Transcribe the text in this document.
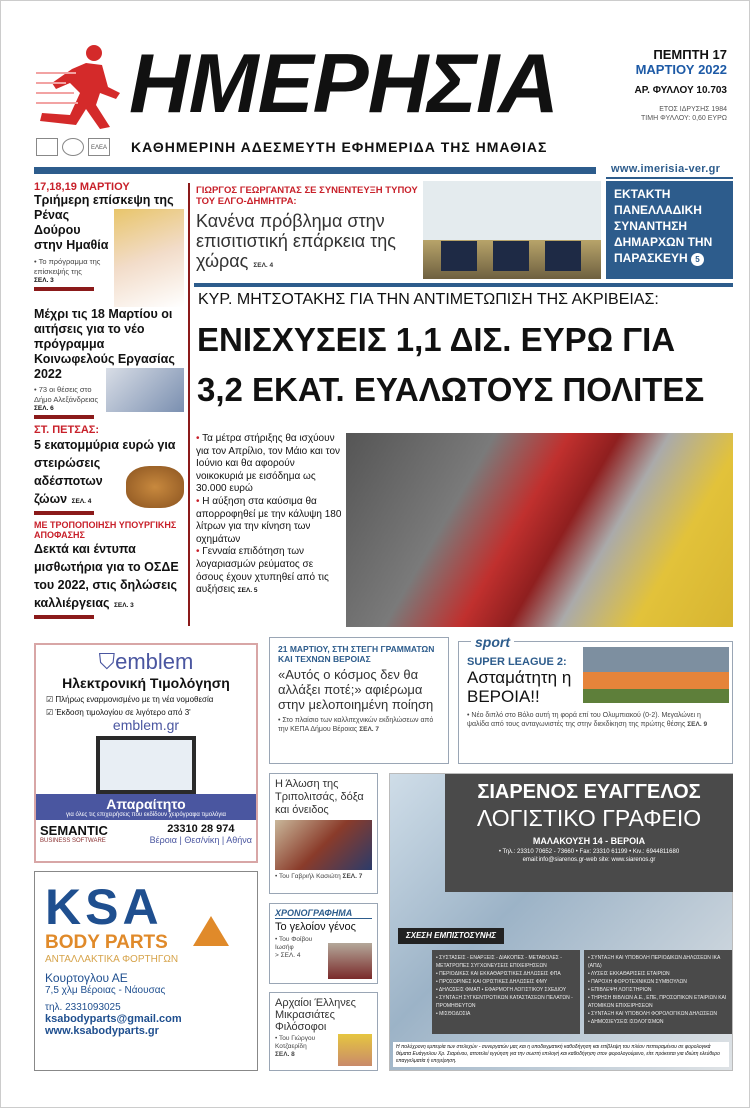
ΗΜΕΡΗΣΙΑ	ΠΕΜΠΤΗ 17
ΜΑΡΤΙΟΥ 2022
ΑΡ. ΦΥΛΛΟΥ 10.703
ΕΤΟΣ ΙΔΡΥΣΗΣ 1984
ΤΙΜΗ ΦΥΛΛΟΥ: 0,60 ΕΥΡΩ
ΕΛΕΑ ΚΑΘΗΜΕΡΙΝΗ ΑΔΕΣΜΕΥΤΗ ΕΦΗΜΕΡΙΔΑ ΤΗΣ ΗΜΑΘΙΑΣ
www.imerisia-ver.gr
17,18,19 ΜΑΡΤΙΟΥ
Τριήμερη επίσκεψη της Ρένας Δούρου στην Ημαθία
• Το πρόγραμμα της επίσκεψής της
ΣΕΛ. 3
Μέχρι τις 18 Μαρτίου οι αιτήσεις για το νέο πρόγραμμα Κοινωφελούς Εργασίας 2022
• 73 οι θέσεις στο Δήμο Αλεξάνδρειας
ΣΕΛ. 6
ΣΤ. ΠΕΤΣΑΣ:
5 εκατομμύρια ευρώ για στειρώσεις αδέσποτων ζώων ΣΕΛ. 4
ΜΕ ΤΡΟΠΟΠΟΙΗΣΗ ΥΠΟΥΡΓΙΚΗΣ ΑΠΟΦΑΣΗΣ
Δεκτά και έντυπα μισθωτήρια για το ΟΣΔΕ του 2022, στις δηλώσεις καλλιέργειας ΣΕΛ. 3
ΓΙΩΡΓΟΣ ΓΕΩΡΓΑΝΤΑΣ ΣΕ ΣΥΝΕΝΤΕΥΞΗ ΤΥΠΟΥ ΤΟΥ ΕΛΓΟ-ΔΗΜΗΤΡΑ:
Κανένα πρόβλημα στην επισιτιστική επάρκεια της χώρας ΣΕΛ. 4
ΕΚΤΑΚΤΗ ΠΑΝΕΛΛΑΔΙΚΗ ΣΥΝΑΝΤΗΣΗ ΔΗΜΑΡΧΩΝ ΤΗΝ ΠΑΡΑΣΚΕΥΗ 5
ΚΥΡ. ΜΗΤΣΟΤΑΚΗΣ ΓΙΑ ΤΗΝ ΑΝΤΙΜΕΤΩΠΙΣΗ ΤΗΣ ΑΚΡΙΒΕΙΑΣ:
ΕΝΙΣΧΥΣΕΙΣ 1,1 ΔΙΣ. ΕΥΡΩ ΓΙΑ
3,2 ΕΚΑΤ. ΕΥΑΛΩΤΟΥΣ ΠΟΛΙΤΕΣ
• Τα μέτρα στήριξης θα ισχύουν για τον Απρίλιο, τον Μάιο και τον Ιούνιο και θα αφορούν νοικοκυριά με εισόδημα ως 30.000 ευρώ
• Η αύξηση στα καύσιμα θα απορροφηθεί με την κάλυψη 180 λίτρων για την κίνηση των οχημάτων
• Γενναία επιδότηση των λογαριασμών ρεύματος σε όσους έχουν χτυπηθεί από τις αυξήσεις ΣΕΛ. 5
⛉emblem
Ηλεκτρονική Τιμολόγηση
☑ Πλήρως εναρμονισμένο με τη νέα νομοθεσία
☑ Έκδοση τιμολογίου σε λιγότερο από 3'
emblem.gr
Απαραίτητο
για όλες τις επιχειρήσεις που εκδίδουν χειρόγραφα τιμολόγια
SEMANTIC
BUSINESS SOFTWARE
23310 28 974
Βέροια | Θεσ/νίκη | Αθήνα
21 ΜΑΡΤΙΟΥ, ΣΤΗ ΣΤΕΓΗ ΓΡΑΜΜΑΤΩΝ ΚΑΙ ΤΕΧΝΩΝ ΒΕΡΟΙΑΣ
«Αυτός ο κόσμος δεν θα αλλάξει ποτέ;» αφιέρωμα στην μελοποιημένη ποίηση
• Στο πλαίσιο των καλλιτεχνικών εκδηλώσεων από την ΚΕΠΑ Δήμου Βέροιας ΣΕΛ. 7
sport
SUPER LEAGUE 2:
Ασταμάτητη η ΒΕΡΟΙΑ!!
• Νέο διπλό στο Βόλο αυτή τη φορά επί του Ολυμπιακού (0-2). Μεγαλώνει η ψαλίδα από τους ανταγωνιστές της στην διεκδίκηση της πρώτης θέσης ΣΕΛ. 9
Η Άλωση της Τριπολιτσάς, δόξα και όνειδος
• Του Γαβριήλ Κασιώτη ΣΕΛ. 7
ΧΡΟΝΟΓΡΑΦΗΜΑ
Το γελοίον γένος
• Του Φοίβου Ιωσήφ
> ΣΕΛ. 4
Αρχαίοι Έλληνες Μικρασιάτες Φιλόσοφοι
• Του Γιώργου Κοτζαερίδη
ΣΕΛ. 8
KSA
BODY PARTS
ΑΝΤΑΛΛΑΚΤΙΚΑ ΦΟΡΤΗΓΩΝ
Κουρτογλου ΑΕ
7,5 χλμ Βέροιας - Νάουσας
τηλ. 2331093025
ksabodyparts@gmail.com
www.ksabodyparts.gr
ΣΙΑΡΕΝΟΣ ΕΥΑΓΓΕΛΟΣ
ΛΟΓΙΣΤΙΚΟ ΓΡΑΦΕΙΟ
ΜΑΛΑΚΟΥΣΗ 14 - ΒΕΡΟΙΑ
• Τηλ.: 23310 70652 - 73660 • Fax: 23310 61199 • Κιν.: 6944811680
email:info@siarenos.gr-web site: www.siarenos.gr
ΣΧΕΣΗ ΕΜΠΙΣΤΟΣΥΝΗΣ
• ΣΥΣΤΑΣΕΙΣ - ΕΝΑΡΞΕΙΣ - ΔΙΑΚΟΠΕΣ - ΜΕΤΑΒΟΛΕΣ - ΜΕΤΑΤΡΟΠΕΣ ΣΥΓΧΩΝΕΥΣΕΙΣ ΕΠΙΧΕΙΡΗΣΕΩΝ
• ΠΕΡΙΟΔΙΚΕΣ ΚΑΙ ΕΚΚΑΘΑΡΙΣΤΙΚΕΣ ΔΗΛΩΣΕΙΣ ΦΠΑ
• ΠΡΟΣΩΡΙΝΕΣ ΚΑΙ ΟΡΙΣΤΙΚΕΣ ΔΗΛΩΣΕΙΣ ΦΜΥ
• ΔΗΛΩΣΕΙΣ ΦΜΑΠ • ΕΦΑΡΜΟΓΗ ΛΟΓΙΣΤΙΚΟΥ ΣΧΕΔΙΟΥ
• ΣΥΝΤΑΞΗ ΣΥΓΚΕΝΤΡΩΤΙΚΩΝ ΚΑΤΑΣΤΑΣΕΩΝ ΠΕΛΑΤΩΝ - ΠΡΟΜΗΘΕΥΤΩΝ
• ΜΙΣΘΟΔΟΣΙΑ
• ΣΥΝΤΑΞΗ ΚΑΙ ΥΠΟΒΟΛΗ ΠΕΡΙΟΔΙΚΩΝ ΔΗΛΩΣΕΩΝ ΙΚΑ (ΑΠΔ)
• ΛΥΣΕΙΣ ΕΚΚΑΘΑΡΙΣΕΙΣ ΕΤΑΙΡΙΩΝ
• ΠΑΡΟΧΗ ΦΟΡΟΤΕΧΝΙΚΩΝ ΣΥΜΒΟΥΛΩΝ
• ΕΠΙΒΛΕΨΗ ΛΟΓΙΣΤΗΡΙΩΝ
• ΤΗΡΗΣΗ ΒΙΒΛΙΩΝ Α.Ε., ΕΠΕ, ΠΡΟΣΩΠΙΚΩΝ ΕΤΑΙΡΙΩΝ ΚΑΙ ΑΤΟΜΙΚΩΝ ΕΠΙΧΕΙΡΗΣΕΩΝ
• ΣΥΝΤΑΞΗ ΚΑΙ ΥΠΟΒΟΛΗ ΦΟΡΟΛΟΓΙΚΩΝ ΔΗΛΩΣΕΩΝ
• ΔΗΜΟΣΙΕΥΣΕΙΣ ΙΣΟΛΟΓΙΣΜΩΝ
Η πολύχρονη εμπειρία των στελεχών - συνεργατών μας και η υποδειγματική καθοδήγηση και επίβλεψη του πλέον πεπειραμένου σε φορολογικά θέματα Ευάγγελου Χρ. Σιαρένου, αποτελεί εγγύηση για την σωστή επιλογή και καθοδήγηση στον φορολογούμενο, είτε πρόκειται για ιδιώτη ελεύθερο επαγγελματία ή επιχείρηση.
